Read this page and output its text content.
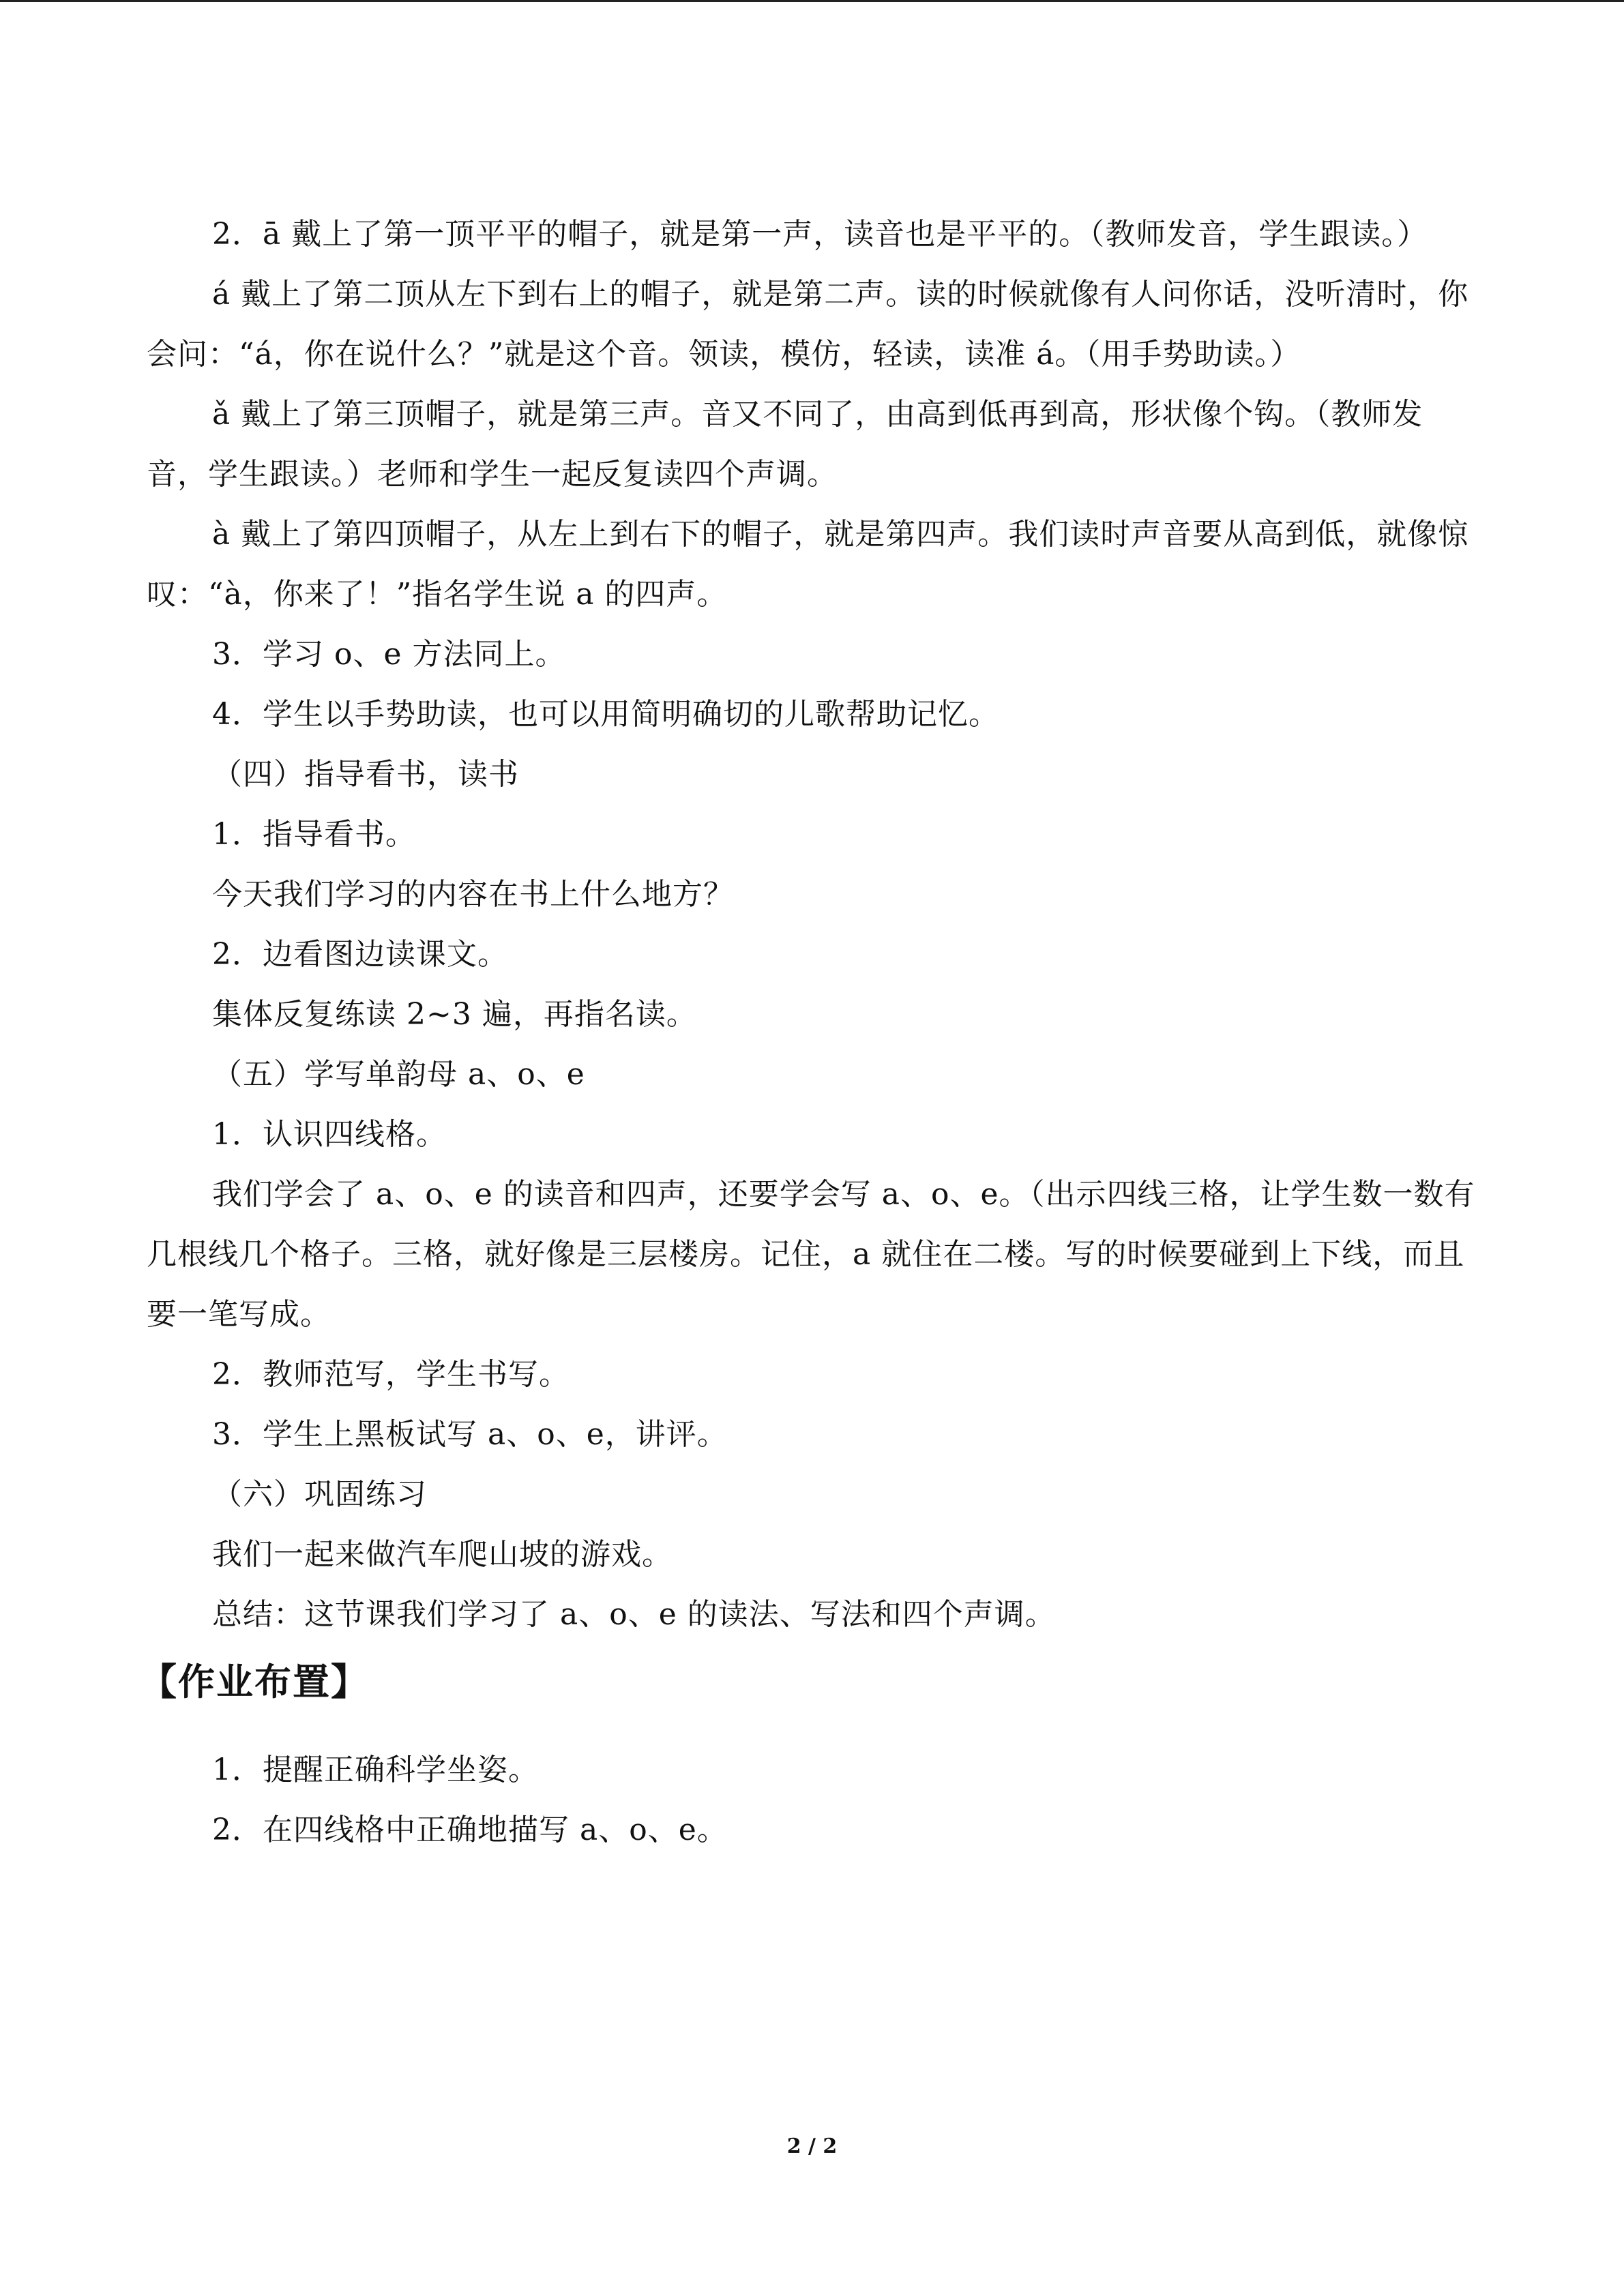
2．ā 戴上了第一顶平平的帽子，就是第一声，读音也是平平的。（教师发音，学生跟读。）

á 戴上了第二顶从左下到右上的帽子，就是第二声。读的时候就像有人问你话，没听清时，你会问：“á，你在说什么？”就是这个音。领读，模仿，轻读，读准 á。（用手势助读。）

ǎ 戴上了第三顶帽子，就是第三声。音又不同了，由高到低再到高，形状像个钩。（教师发音，学生跟读。）老师和学生一起反复读四个声调。

à 戴上了第四顶帽子，从左上到右下的帽子，就是第四声。我们读时声音要从高到低，就像惊叹：“à，你来了！”指名学生说 a 的四声。

3．学习 o、e 方法同上。

4．学生以手势助读，也可以用简明确切的儿歌帮助记忆。

（四）指导看书，读书

1．指导看书。

今天我们学习的内容在书上什么地方？

2．边看图边读课文。

集体反复练读 2~3 遍，再指名读。

（五）学写单韵母 a、o、e

1．认识四线格。

我们学会了 a、o、e 的读音和四声，还要学会写 a、o、e。（出示四线三格，让学生数一数有几根线几个格子。三格，就好像是三层楼房。记住，a 就住在二楼。写的时候要碰到上下线，而且要一笔写成。

2．教师范写，学生书写。

3．学生上黑板试写 a、o、e，讲评。

（六）巩固练习

我们一起来做汽车爬山坡的游戏。

总结：这节课我们学习了 a、o、e 的读法、写法和四个声调。

【作业布置】

1．提醒正确科学坐姿。

2．在四线格中正确地描写 a、o、e。

2 / 2
